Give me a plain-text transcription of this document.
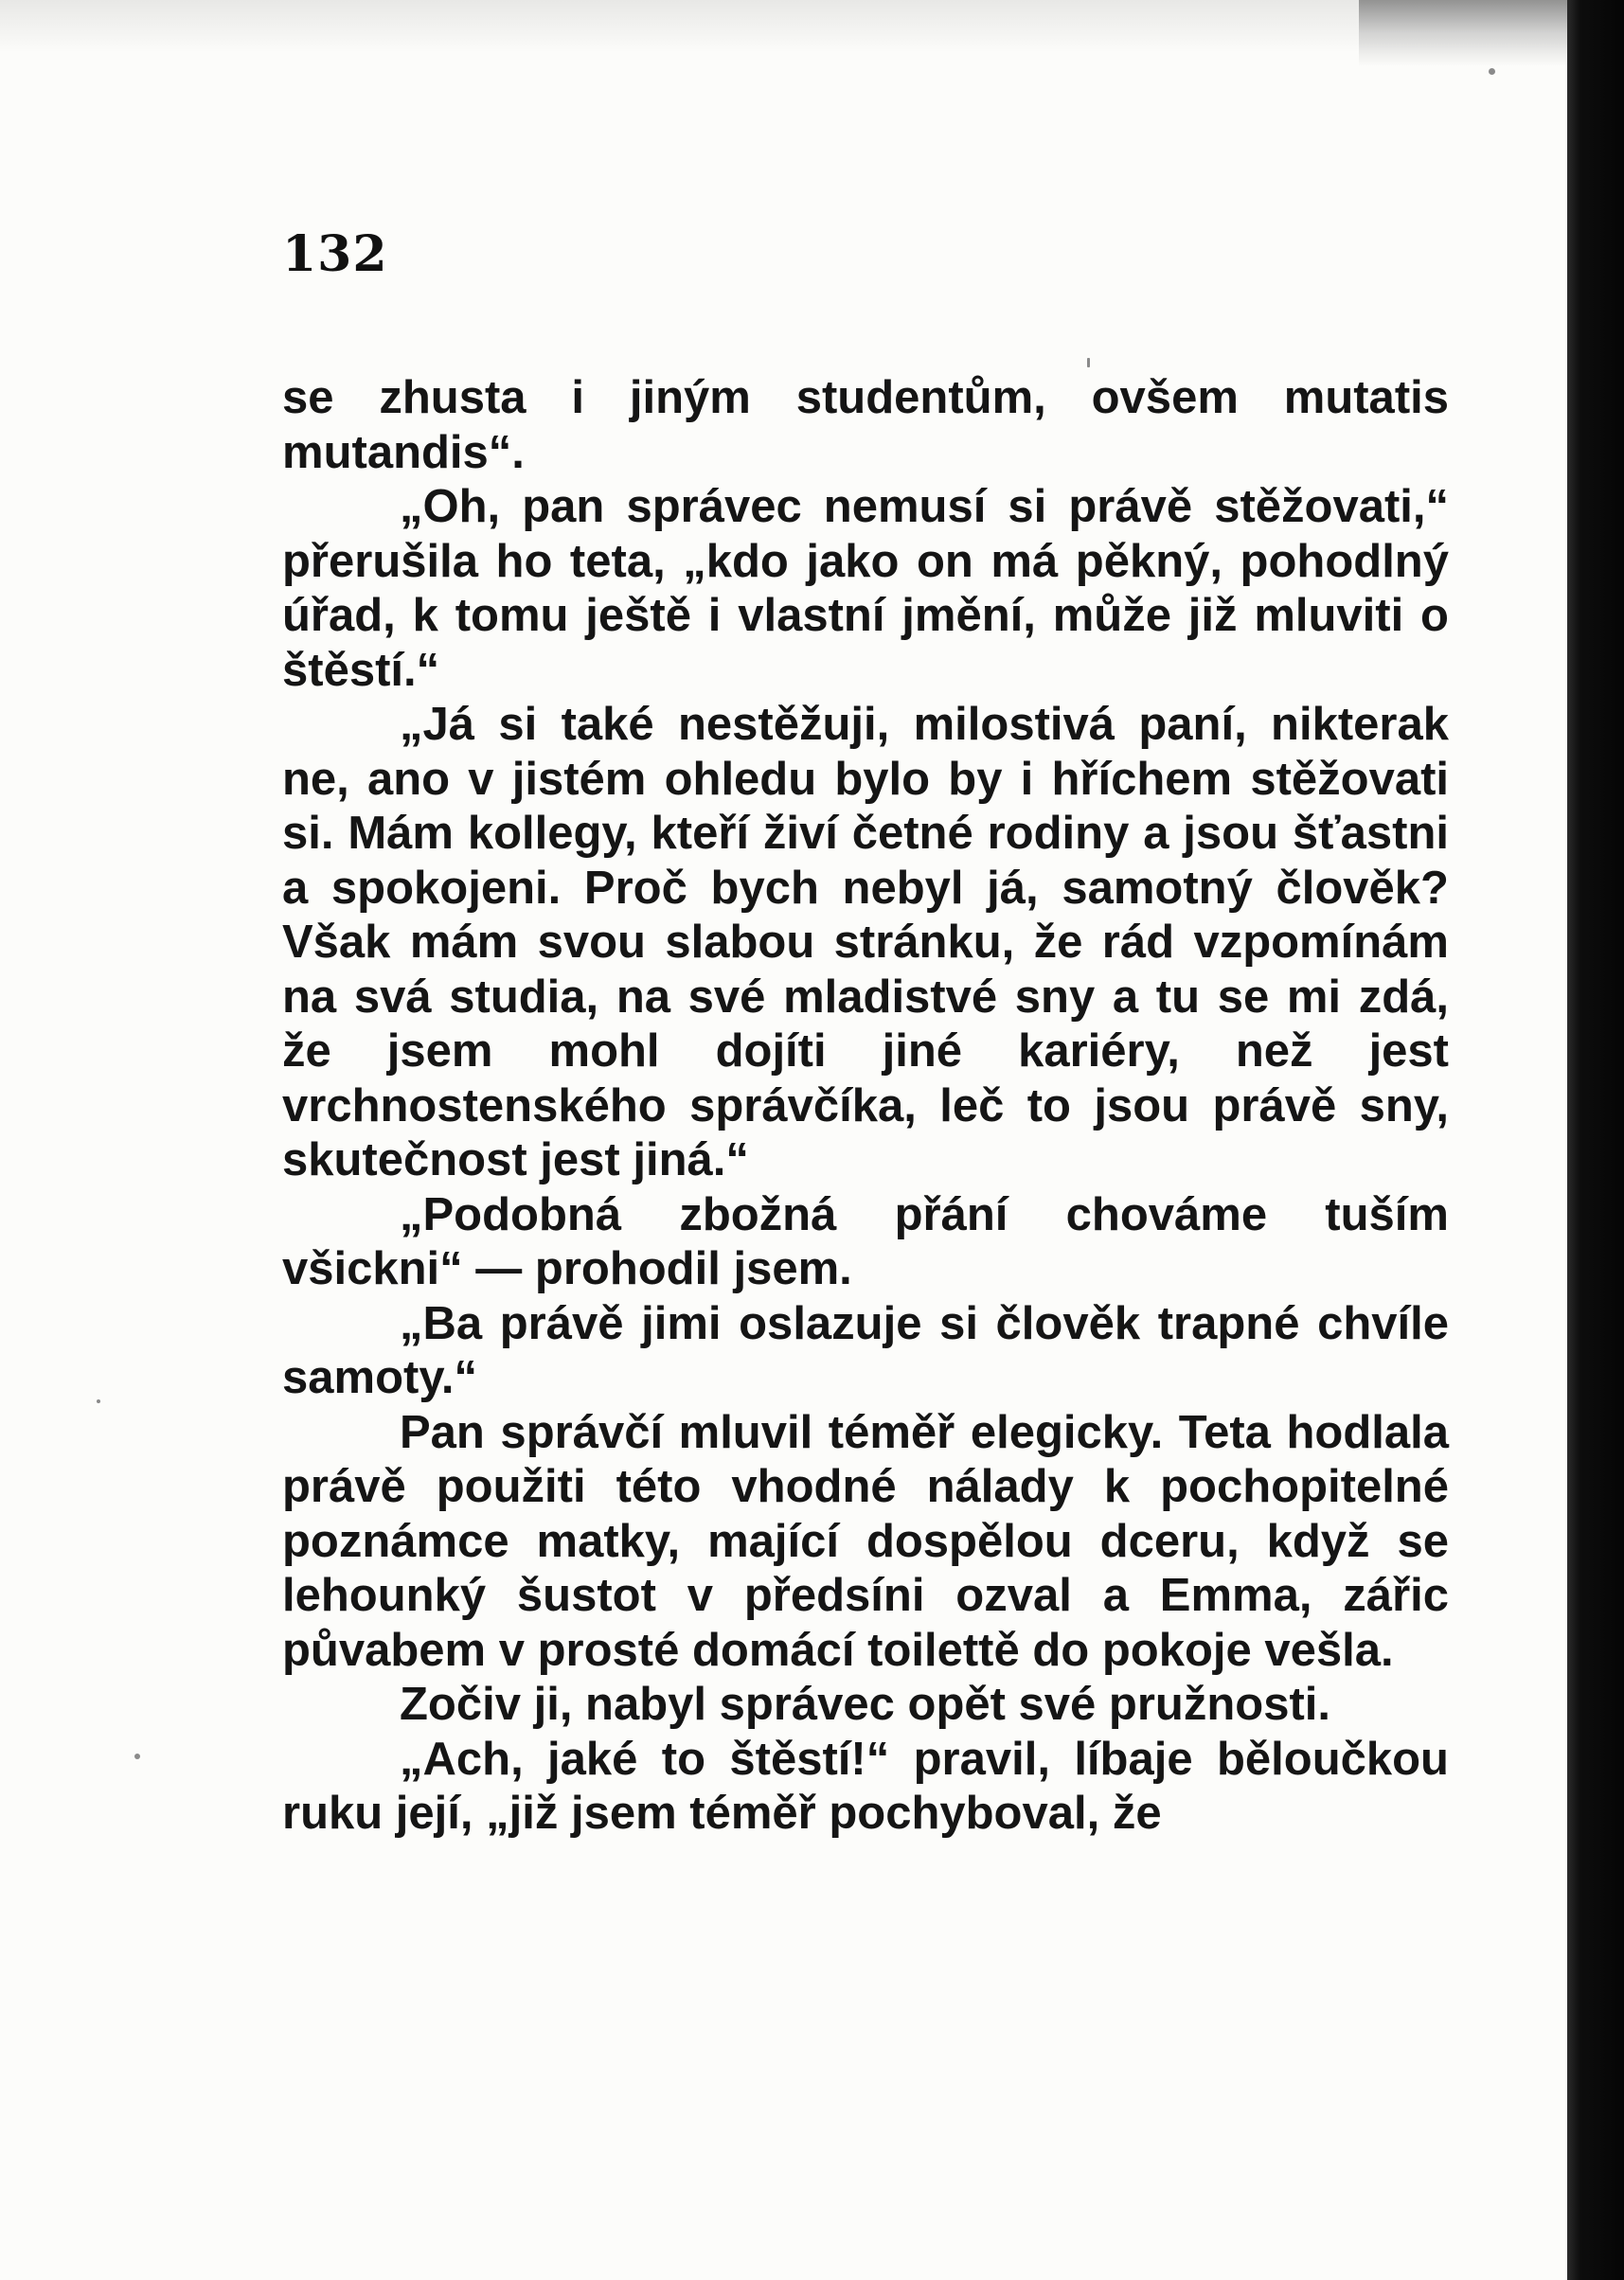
132

se zhusta i jiným studentům, ovšem mutatis mutandis“.

„Oh, pan správec nemusí si právě stěžovati,“ přerušila ho teta, „kdo jako on má pěkný, pohodlný úřad, k tomu ještě i vlastní jmění, může již mluviti o štěstí.“

„Já si také nestěžuji, milostivá paní, nikterak ne, ano v jistém ohledu bylo by i hříchem stěžovati si. Mám kollegy, kteří živí četné rodiny a jsou šťastni a spokojeni. Proč bych nebyl já, samotný člověk? Však mám svou slabou stránku, že rád vzpomínám na svá studia, na své mladistvé sny a tu se mi zdá, že jsem mohl dojíti jiné kariéry, než jest vrchnostenského správčíka, leč to jsou právě sny, skutečnost jest jiná.“

„Podobná zbožná přání chováme tuším všickni“ — prohodil jsem.

„Ba právě jimi oslazuje si člověk trapné chvíle samoty.“

Pan správčí mluvil téměř elegicky. Teta hodlala právě použiti této vhodné nálady k pochopitelné poznámce matky, mající dospělou dceru, když se lehounký šustot v předsíni ozval a Emma, zářic půvabem v prosté domácí toilettě do pokoje vešla.

Zočiv ji, nabyl správec opět své pružnosti.

„Ach, jaké to štěstí!“ pravil, líbaje běloučkou ruku její, „již jsem téměř pochyboval, že
